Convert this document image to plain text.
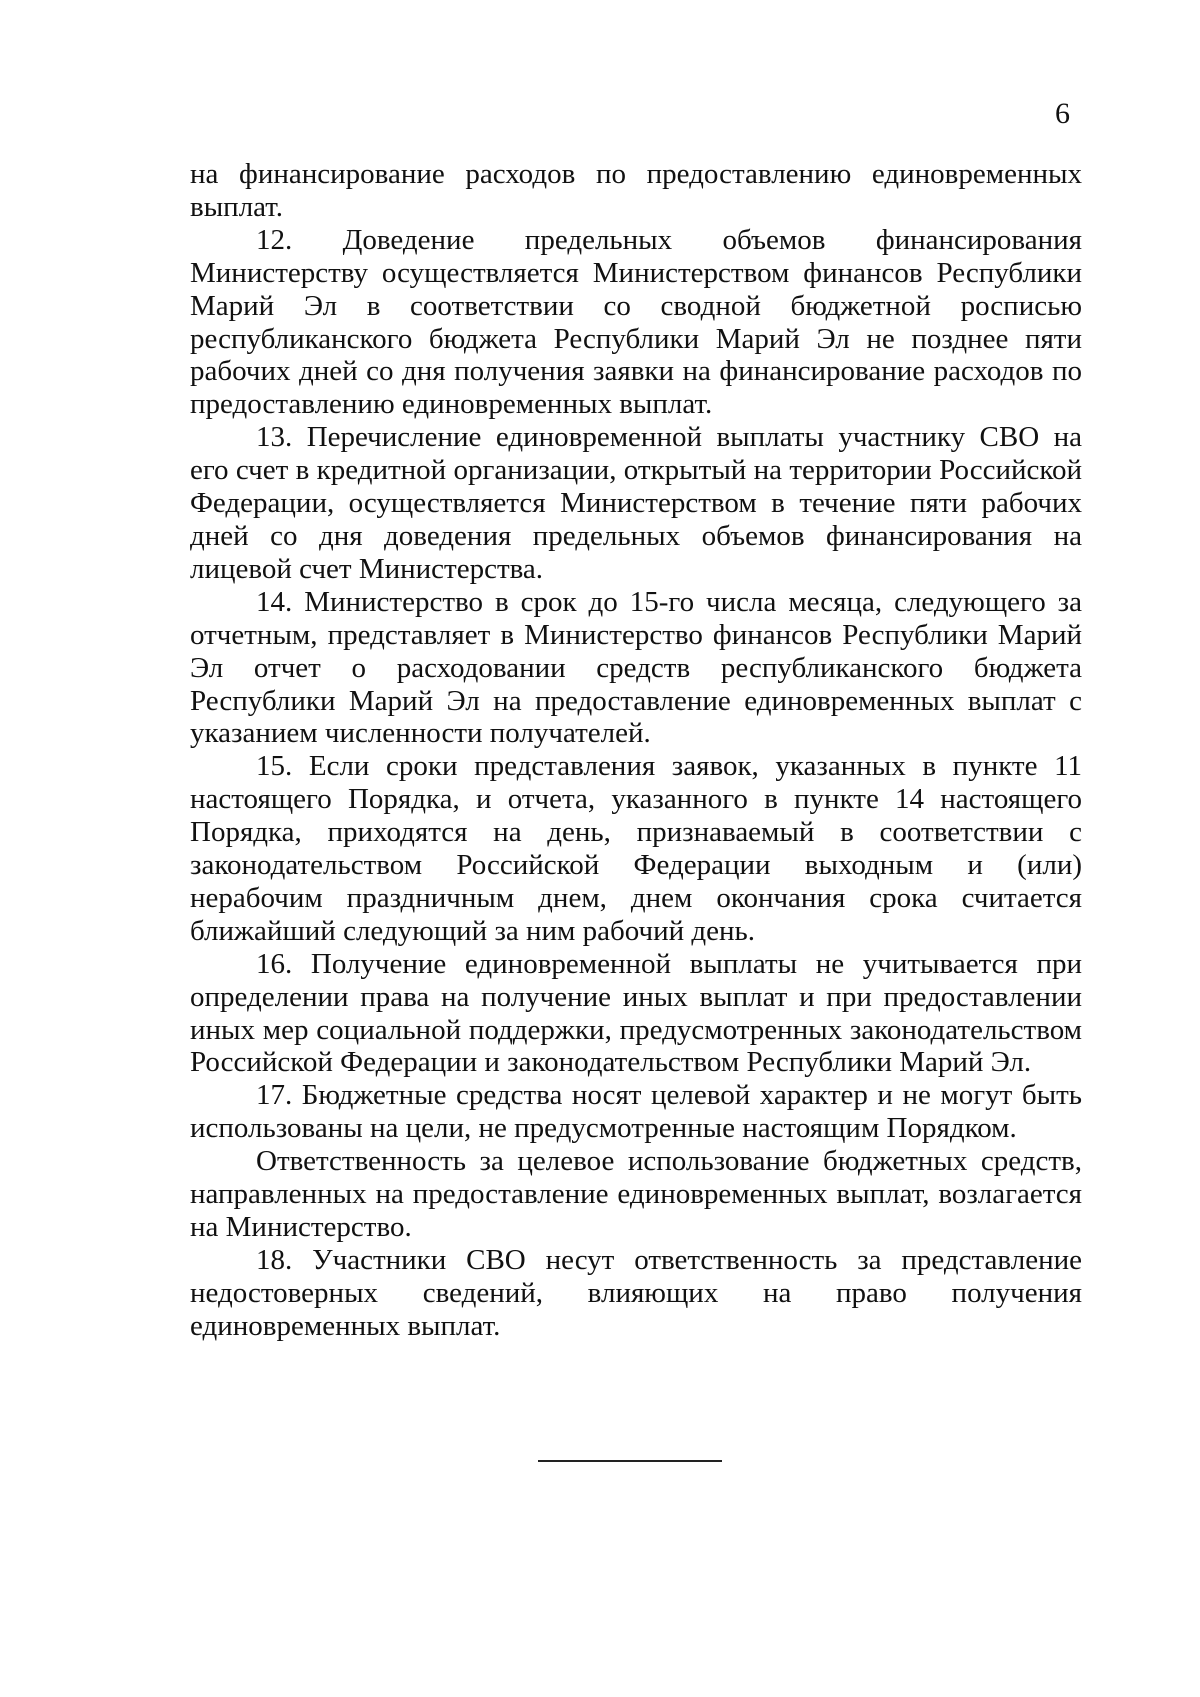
6

на финансирование расходов по предоставлению единовременных выплат.

12. Доведение предельных объемов финансирования Министерству осуществляется Министерством финансов Республики Марий Эл в соответствии со сводной бюджетной росписью республиканского бюджета Республики Марий Эл не позднее пяти рабочих дней со дня получения заявки на финансирование расходов по предоставлению единовременных выплат.

13. Перечисление единовременной выплаты участнику СВО на его счет в кредитной организации, открытый на территории Российской Федерации, осуществляется Министерством в течение пяти рабочих дней со дня доведения предельных объемов финансирования на лицевой счет Министерства.

14. Министерство в срок до 15-го числа месяца, следующего за отчетным, представляет в Министерство финансов Республики Марий Эл отчет о расходовании средств республиканского бюджета Республики Марий Эл на предоставление единовременных выплат с указанием численности получателей.

15. Если сроки представления заявок, указанных в пункте 11 настоящего Порядка, и отчета, указанного в пункте 14 настоящего Порядка, приходятся на день, признаваемый в соответствии с законодательством Российской Федерации выходным и (или) нерабочим праздничным днем, днем окончания срока считается ближайший следующий за ним рабочий день.

16. Получение единовременной выплаты не учитывается при определении права на получение иных выплат и при предоставлении иных мер социальной поддержки, предусмотренных законодательством Российской Федерации и законодательством Республики Марий Эл.

17. Бюджетные средства носят целевой характер и не могут быть использованы на цели, не предусмотренные настоящим Порядком.

Ответственность за целевое использование бюджетных средств, направленных на предоставление единовременных выплат, возлагается на Министерство.

18. Участники СВО несут ответственность за представление недостоверных сведений, влияющих на право получения единовременных выплат.
